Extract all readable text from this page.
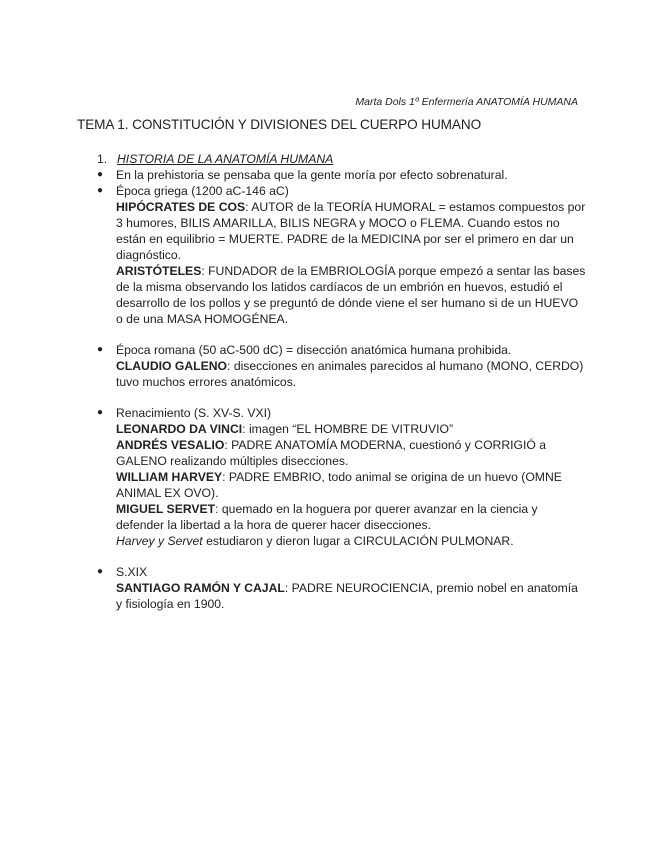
Marta Dols 1º Enfermería ANATOMÍA HUMANA
TEMA 1. CONSTITUCIÓN Y DIVISIONES DEL CUERPO HUMANO
1. HISTORIA DE LA ANATOMÍA HUMANA
●	En la prehistoria se pensaba que la gente moría por efecto sobrenatural.

●	Época griega (1200 aC-146 aC)

HIPÓCRATES DE COS: AUTOR de la TEORÍA HUMORAL = estamos compuestos por 3 humores, BILIS AMARILLA, BILIS NEGRA y MOCO o FLEMA. Cuando estos no están en equilibrio = MUERTE. PADRE de la MEDICINA por ser el primero en dar un diagnóstico.

ARISTÓTELES: FUNDADOR de la EMBRIOLOGÍA porque empezó a sentar las bases de la misma observando los latidos cardíacos de un embrión en huevos, estudió el desarrollo de los pollos y se preguntó de dónde viene el ser humano si de un HUEVO o de una MASA HOMOGÉNEA.

●	Época romana (50 aC-500 dC) = disección anatómica humana prohibida.

CLAUDIO GALENO: disecciones en animales parecidos al humano (MONO, CERDO) tuvo muchos errores anatómicos.

●	Renacimiento (S. XV-S. VXI)

LEONARDO DA VINCI: imagen “EL HOMBRE DE VITRUVIO”

ANDRÉS VESALIO: PADRE ANATOMÍA MODERNA, cuestionó y CORRIGIÓ a GALENO realizando múltiples disecciones.

WILLIAM HARVEY: PADRE EMBRIO, todo animal se origina de un huevo (OMNE ANIMAL EX OVO).

MIGUEL SERVET: quemado en la hoguera por querer avanzar en la ciencia y defender la libertad a la hora de querer hacer disecciones.

Harvey y Servet estudiaron y dieron lugar a CIRCULACIÓN PULMONAR.

●	S.XIX

SANTIAGO RAMÓN Y CAJAL: PADRE NEUROCIENCIA, premio nobel en anatomía y fisiología en 1900.
